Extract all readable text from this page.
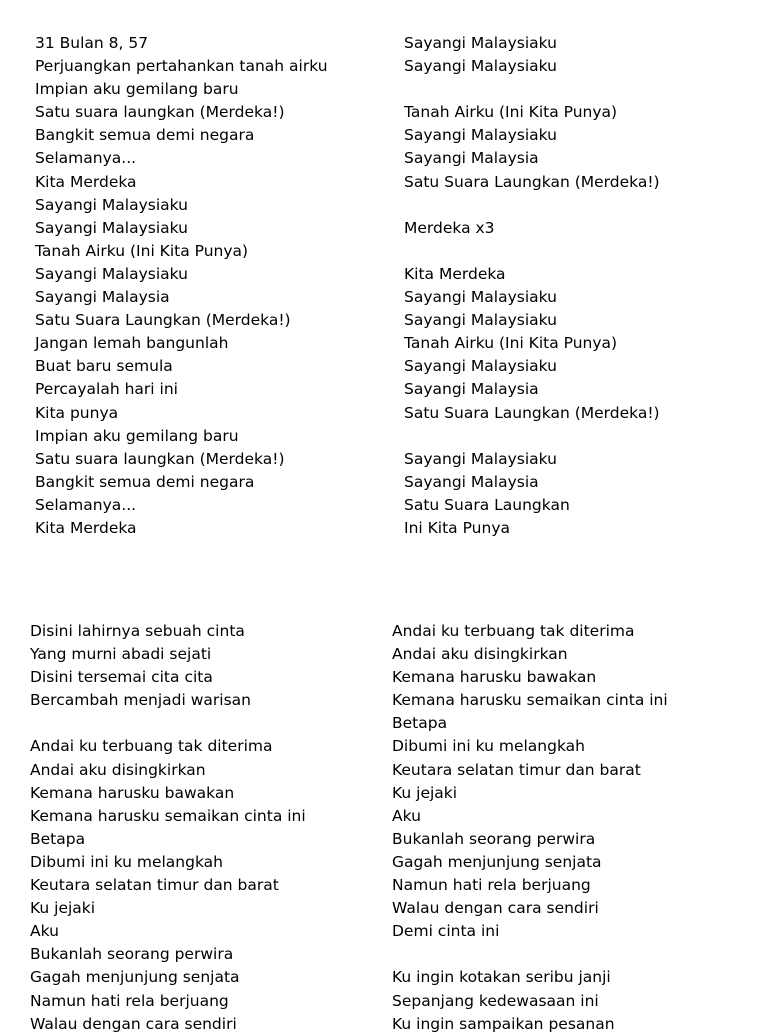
31 Bulan 8, 57
Perjuangkan pertahankan tanah airku
Impian aku gemilang baru
Satu suara laungkan (Merdeka!)
Bangkit semua demi negara
Selamanya...
Kita Merdeka
Sayangi Malaysiaku
Sayangi Malaysiaku
Tanah Airku (Ini Kita Punya)
Sayangi Malaysiaku
Sayangi Malaysia
Satu Suara Laungkan (Merdeka!)
Jangan lemah bangunlah
Buat baru semula
Percayalah hari ini
Kita punya
Impian aku gemilang baru
Satu suara laungkan (Merdeka!)
Bangkit semua demi negara
Selamanya...
Kita Merdeka
Sayangi Malaysiaku
Sayangi Malaysiaku
Tanah Airku (Ini Kita Punya)
Sayangi Malaysiaku
Sayangi Malaysia
Satu Suara Laungkan (Merdeka!)
Merdeka x3
Kita Merdeka
Sayangi Malaysiaku
Sayangi Malaysiaku
Tanah Airku (Ini Kita Punya)
Sayangi Malaysiaku
Sayangi Malaysia
Satu Suara Laungkan (Merdeka!)
Sayangi Malaysiaku
Sayangi Malaysia
Satu Suara Laungkan
Ini Kita Punya
Disini lahirnya sebuah cinta
Yang murni abadi sejati
Disini tersemai cita cita
Bercambah menjadi warisan
Andai ku terbuang tak diterima
Andai aku disingkirkan
Kemana harusku bawakan
Kemana harusku semaikan cinta ini
Betapa
Dibumi ini ku melangkah
Keutara selatan timur dan barat
Ku jejaki
Aku
Bukanlah seorang perwira
Gagah menjunjung senjata
Namun hati rela berjuang
Walau dengan cara sendiri
Andai ku terbuang tak diterima
Andai aku disingkirkan
Kemana harusku bawakan
Kemana harusku semaikan cinta ini
Betapa
Dibumi ini ku melangkah
Keutara selatan timur dan barat
Ku jejaki
Aku
Bukanlah seorang perwira
Gagah menjunjung senjata
Namun hati rela berjuang
Walau dengan cara sendiri
Demi cinta ini
Ku ingin kotakan seribu janji
Sepanjang kedewasaan ini
Ku ingin sampaikan pesanan
